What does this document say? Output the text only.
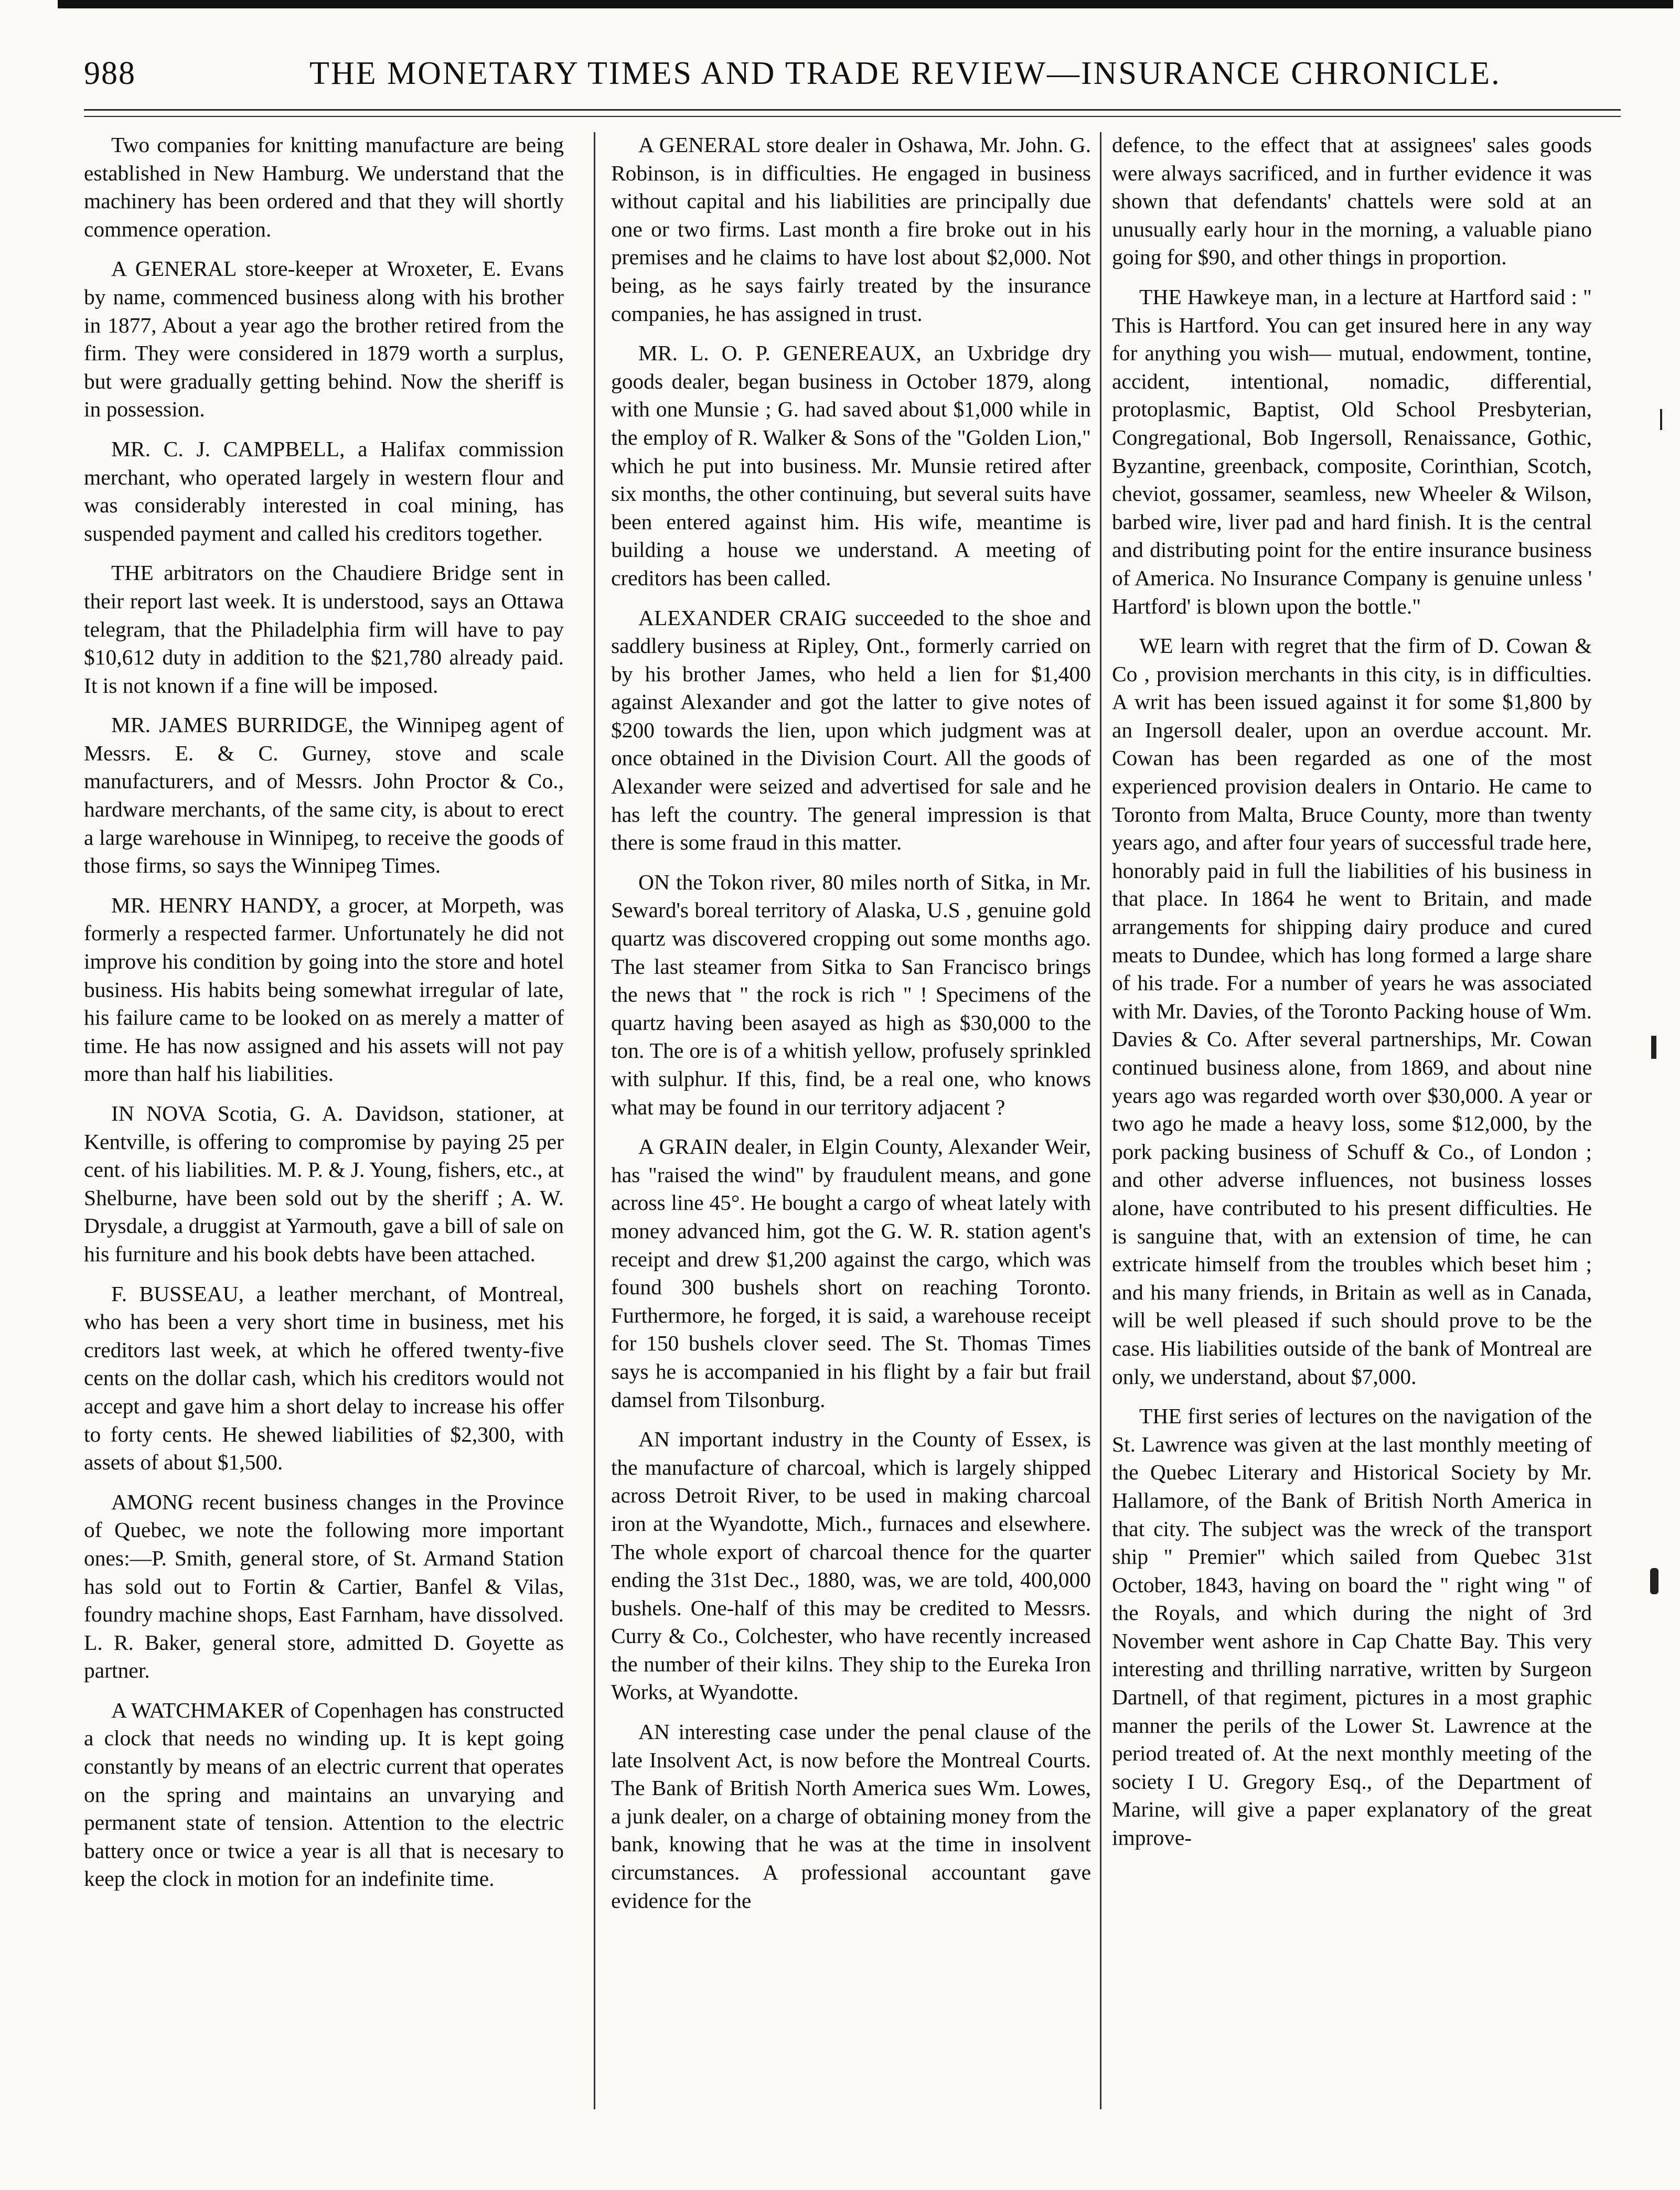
988	THE MONETARY TIMES AND TRADE REVIEW—INSURANCE CHRONICLE.

Two companies for knitting manufacture are being established in New Hamburg. We understand that the machinery has been ordered and that they will shortly commence operation.

A GENERAL store-keeper at Wroxeter, E. Evans by name, commenced business along with his brother in 1877, About a year ago the brother retired from the firm. They were considered in 1879 worth a surplus, but were gradually getting behind. Now the sheriff is in possession.

MR. C. J. CAMPBELL, a Halifax commission merchant, who operated largely in western flour and was considerably interested in coal mining, has suspended payment and called his creditors together.

THE arbitrators on the Chaudiere Bridge sent in their report last week. It is understood, says an Ottawa telegram, that the Philadelphia firm will have to pay $10,612 duty in addition to the $21,780 already paid. It is not known if a fine will be imposed.

MR. JAMES BURRIDGE, the Winnipeg agent of Messrs. E. & C. Gurney, stove and scale manufacturers, and of Messrs. John Proctor & Co., hardware merchants, of the same city, is about to erect a large warehouse in Winnipeg, to receive the goods of those firms, so says the Winnipeg Times.

MR. HENRY HANDY, a grocer, at Morpeth, was formerly a respected farmer. Unfortunately he did not improve his condition by going into the store and hotel business. His habits being somewhat irregular of late, his failure came to be looked on as merely a matter of time. He has now assigned and his assets will not pay more than half his liabilities.

IN NOVA Scotia, G. A. Davidson, stationer, at Kentville, is offering to compromise by paying 25 per cent. of his liabilities. M. P. & J. Young, fishers, etc., at Shelburne, have been sold out by the sheriff ; A. W. Drysdale, a druggist at Yarmouth, gave a bill of sale on his furniture and his book debts have been attached.

F. BUSSEAU, a leather merchant, of Montreal, who has been a very short time in business, met his creditors last week, at which he offered twenty-five cents on the dollar cash, which his creditors would not accept and gave him a short delay to increase his offer to forty cents. He shewed liabilities of $2,300, with assets of about $1,500.

AMONG recent business changes in the Province of Quebec, we note the following more important ones:—P. Smith, general store, of St. Armand Station has sold out to Fortin & Cartier, Banfel & Vilas, foundry machine shops, East Farnham, have dissolved. L. R. Baker, general store, admitted D. Goyette as partner.

A WATCHMAKER of Copenhagen has constructed a clock that needs no winding up. It is kept going constantly by means of an electric current that operates on the spring and maintains an unvarying and permanent state of tension. Attention to the electric battery once or twice a year is all that is necesary to keep the clock in motion for an indefinite time.

A GENERAL store dealer in Oshawa, Mr. John. G. Robinson, is in difficulties. He engaged in business without capital and his liabilities are principally due one or two firms. Last month a fire broke out in his premises and he claims to have lost about $2,000. Not being, as he says fairly treated by the insurance companies, he has assigned in trust.

MR. L. O. P. GENEREAUX, an Uxbridge dry goods dealer, began business in October 1879, along with one Munsie ; G. had saved about $1,000 while in the employ of R. Walker & Sons of the "Golden Lion," which he put into business. Mr. Munsie retired after six months, the other continuing, but several suits have been entered against him. His wife, meantime is building a house we understand. A meeting of creditors has been called.

ALEXANDER CRAIG succeeded to the shoe and saddlery business at Ripley, Ont., formerly carried on by his brother James, who held a lien for $1,400 against Alexander and got the latter to give notes of $200 towards the lien, upon which judgment was at once obtained in the Division Court. All the goods of Alexander were seized and advertised for sale and he has left the country. The general impression is that there is some fraud in this matter.

ON the Tokon river, 80 miles north of Sitka, in Mr. Seward's boreal territory of Alaska, U.S , genuine gold quartz was discovered cropping out some months ago. The last steamer from Sitka to San Francisco brings the news that " the rock is rich " ! Specimens of the quartz having been asayed as high as $30,000 to the ton. The ore is of a whitish yellow, profusely sprinkled with sulphur. If this, find, be a real one, who knows what may be found in our territory adjacent ?

A GRAIN dealer, in Elgin County, Alexander Weir, has "raised the wind" by fraudulent means, and gone across line 45°. He bought a cargo of wheat lately with money advanced him, got the G. W. R. station agent's receipt and drew $1,200 against the cargo, which was found 300 bushels short on reaching Toronto. Furthermore, he forged, it is said, a warehouse receipt for 150 bushels clover seed. The St. Thomas Times says he is accompanied in his flight by a fair but frail damsel from Tilsonburg.

AN important industry in the County of Essex, is the manufacture of charcoal, which is largely shipped across Detroit River, to be used in making charcoal iron at the Wyandotte, Mich., furnaces and elsewhere. The whole export of charcoal thence for the quarter ending the 31st Dec., 1880, was, we are told, 400,000 bushels. One-half of this may be credited to Messrs. Curry & Co., Colchester, who have recently increased the number of their kilns. They ship to the Eureka Iron Works, at Wyandotte.

AN interesting case under the penal clause of the late Insolvent Act, is now before the Montreal Courts. The Bank of British North America sues Wm. Lowes, a junk dealer, on a charge of obtaining money from the bank, knowing that he was at the time in insolvent circumstances. A professional accountant gave evidence for the

defence, to the effect that at assignees' sales goods were always sacrificed, and in further evidence it was shown that defendants' chattels were sold at an unusually early hour in the morning, a valuable piano going for $90, and other things in proportion.

THE Hawkeye man, in a lecture at Hartford said : " This is Hartford. You can get insured here in any way for anything you wish— mutual, endowment, tontine, accident, intentional, nomadic, differential, protoplasmic, Baptist, Old School Presbyterian, Congregational, Bob Ingersoll, Renaissance, Gothic, Byzantine, greenback, composite, Corinthian, Scotch, cheviot, gossamer, seamless, new Wheeler & Wilson, barbed wire, liver pad and hard finish. It is the central and distributing point for the entire insurance business of America. No Insurance Company is genuine unless ' Hartford' is blown upon the bottle."

WE learn with regret that the firm of D. Cowan & Co , provision merchants in this city, is in difficulties. A writ has been issued against it for some $1,800 by an Ingersoll dealer, upon an overdue account. Mr. Cowan has been regarded as one of the most experienced provision dealers in Ontario. He came to Toronto from Malta, Bruce County, more than twenty years ago, and after four years of successful trade here, honorably paid in full the liabilities of his business in that place. In 1864 he went to Britain, and made arrangements for shipping dairy produce and cured meats to Dundee, which has long formed a large share of his trade. For a number of years he was associated with Mr. Davies, of the Toronto Packing house of Wm. Davies & Co. After several partnerships, Mr. Cowan continued business alone, from 1869, and about nine years ago was regarded worth over $30,000. A year or two ago he made a heavy loss, some $12,000, by the pork packing business of Schuff & Co., of London ; and other adverse influences, not business losses alone, have contributed to his present difficulties. He is sanguine that, with an extension of time, he can extricate himself from the troubles which beset him ; and his many friends, in Britain as well as in Canada, will be well pleased if such should prove to be the case. His liabilities outside of the bank of Montreal are only, we understand, about $7,000.

THE first series of lectures on the navigation of the St. Lawrence was given at the last monthly meeting of the Quebec Literary and Historical Society by Mr. Hallamore, of the Bank of British North America in that city. The subject was the wreck of the transport ship " Premier" which sailed from Quebec 31st October, 1843, having on board the " right wing " of the Royals, and which during the night of 3rd November went ashore in Cap Chatte Bay. This very interesting and thrilling narrative, written by Surgeon Dartnell, of that regiment, pictures in a most graphic manner the perils of the Lower St. Lawrence at the period treated of. At the next monthly meeting of the society I U. Gregory Esq., of the Department of Marine, will give a paper explanatory of the great improve-
